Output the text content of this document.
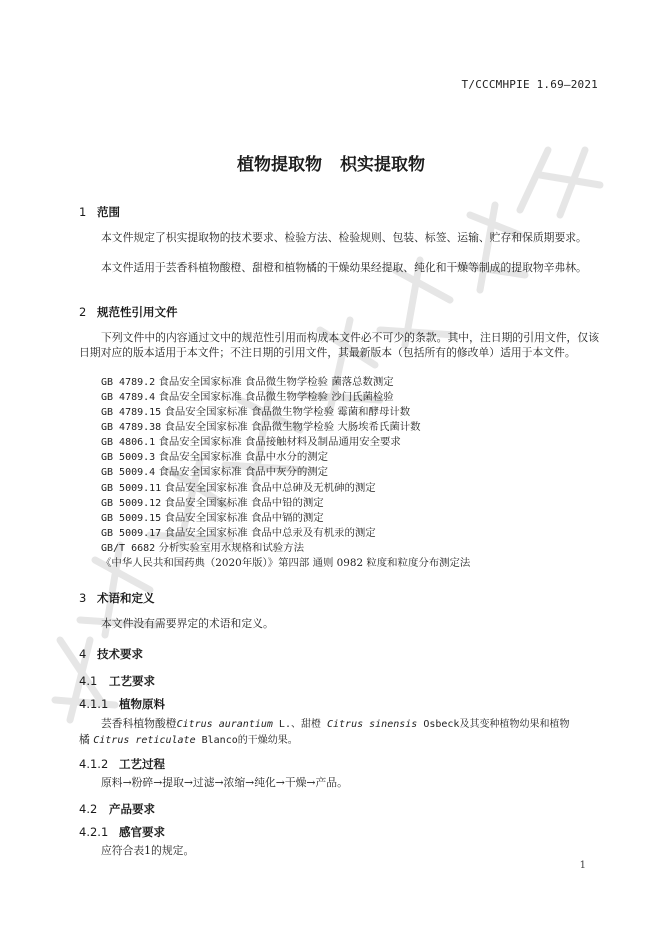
T/CCCMHPIE 1.69—2021
植物提取物 枳实提取物
1 范围
本文件规定了枳实提取物的技术要求、检验方法、检验规则、包装、标签、运输、贮存和保质期要求。
本文件适用于芸香科植物酸橙、甜橙和植物橘的干燥幼果经提取、纯化和干燥等制成的提取物辛弗林。
2 规范性引用文件
下列文件中的内容通过文中的规范性引用而构成本文件必不可少的条款。其中，注日期的引用文件，仅该日期对应的版本适用于本文件；不注日期的引用文件，其最新版本（包括所有的修改单）适用于本文件。
GB 4789.2 食品安全国家标准 食品微生物学检验 菌落总数测定
GB 4789.4 食品安全国家标准 食品微生物学检验 沙门氏菌检验
GB 4789.15 食品安全国家标准 食品微生物学检验 霉菌和酵母计数
GB 4789.38 食品安全国家标准 食品微生物学检验 大肠埃希氏菌计数
GB 4806.1 食品安全国家标准 食品接触材料及制品通用安全要求
GB 5009.3 食品安全国家标准 食品中水分的测定
GB 5009.4 食品安全国家标准 食品中灰分的测定
GB 5009.11 食品安全国家标准 食品中总砷及无机砷的测定
GB 5009.12 食品安全国家标准 食品中铅的测定
GB 5009.15 食品安全国家标准 食品中镉的测定
GB 5009.17 食品安全国家标准 食品中总汞及有机汞的测定
GB/T 6682 分析实验室用水规格和试验方法
《中华人民共和国药典（2020年版）》第四部 通则 0982 粒度和粒度分布测定法
3 术语和定义
本文件没有需要界定的术语和定义。
4 技术要求
4.1 工艺要求
4.1.1 植物原料
芸香科植物酸橙Citrus aurantium L.、甜橙 Citrus sinensis Osbeck及其变种植物幼果和植物
橘 Citrus reticulate Blanco的干燥幼果。
4.1.2 工艺过程
原料→粉碎→提取→过滤→浓缩→纯化→干燥→产品。
4.2 产品要求
4.2.1 感官要求
应符合表1的规定。
1
